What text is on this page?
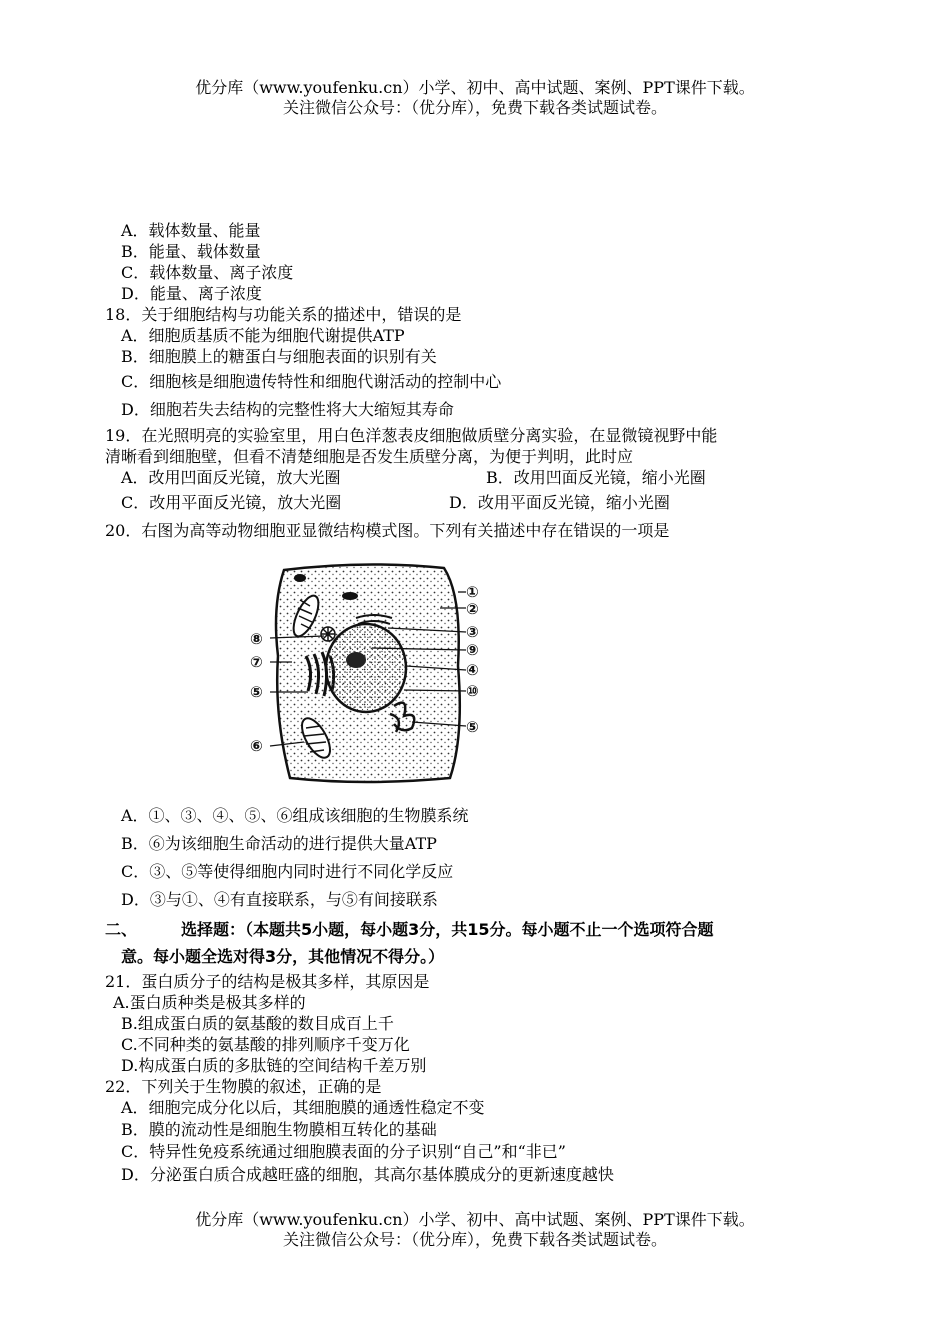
优分库（www.youfenku.cn）小学、初中、高中试题、案例、PPT课件下载。
关注微信公众号：（优分库），免费下载各类试题试卷。
A．载体数量、能量
B．能量、载体数量
C．载体数量、离子浓度
D．能量、离子浓度
18．关于细胞结构与功能关系的描述中，错误的是
A．细胞质基质不能为细胞代谢提供ATP
B．细胞膜上的糖蛋白与细胞表面的识别有关
C．细胞核是细胞遗传特性和细胞代谢活动的控制中心
D．细胞若失去结构的完整性将大大缩短其寿命
19．在光照明亮的实验室里，用白色洋葱表皮细胞做质壁分离实验，在显微镜视野中能
清晰看到细胞壁，但看不清楚细胞是否发生质壁分离，为便于判明，此时应
A．改用凹面反光镜，放大光圈	B．改用凹面反光镜，缩小光圈
C．改用平面反光镜，放大光圈	D．改用平面反光镜，缩小光圈
20．右图为高等动物细胞亚显微结构模式图。下列有关描述中存在错误的一项是
①
②
③
⑨
④
⑩
⑤
⑧
⑦
⑤
⑥
A．①、③、④、⑤、⑥组成该细胞的生物膜系统
B．⑥为该细胞生命活动的进行提供大量ATP
C．③、⑤等使得细胞内同时进行不同化学反应
D．③与①、④有直接联系，与⑤有间接联系
二、	选择题：（本题共5小题，每小题3分，共15分。每小题不止一个选项符合题
意。每小题全选对得3分，其他情况不得分。）
21．蛋白质分子的结构是极其多样，其原因是
A.蛋白质种类是极其多样的
B.组成蛋白质的氨基酸的数目成百上千
C.不同种类的氨基酸的排列顺序千变万化
D.构成蛋白质的多肽链的空间结构千差万别
22．下列关于生物膜的叙述，正确的是
A．细胞完成分化以后，其细胞膜的通透性稳定不变
B．膜的流动性是细胞生物膜相互转化的基础
C．特异性免疫系统通过细胞膜表面的分子识别“自己”和“非已”
D．分泌蛋白质合成越旺盛的细胞，其高尔基体膜成分的更新速度越快
优分库（www.youfenku.cn）小学、初中、高中试题、案例、PPT课件下载。
关注微信公众号：（优分库），免费下载各类试题试卷。
